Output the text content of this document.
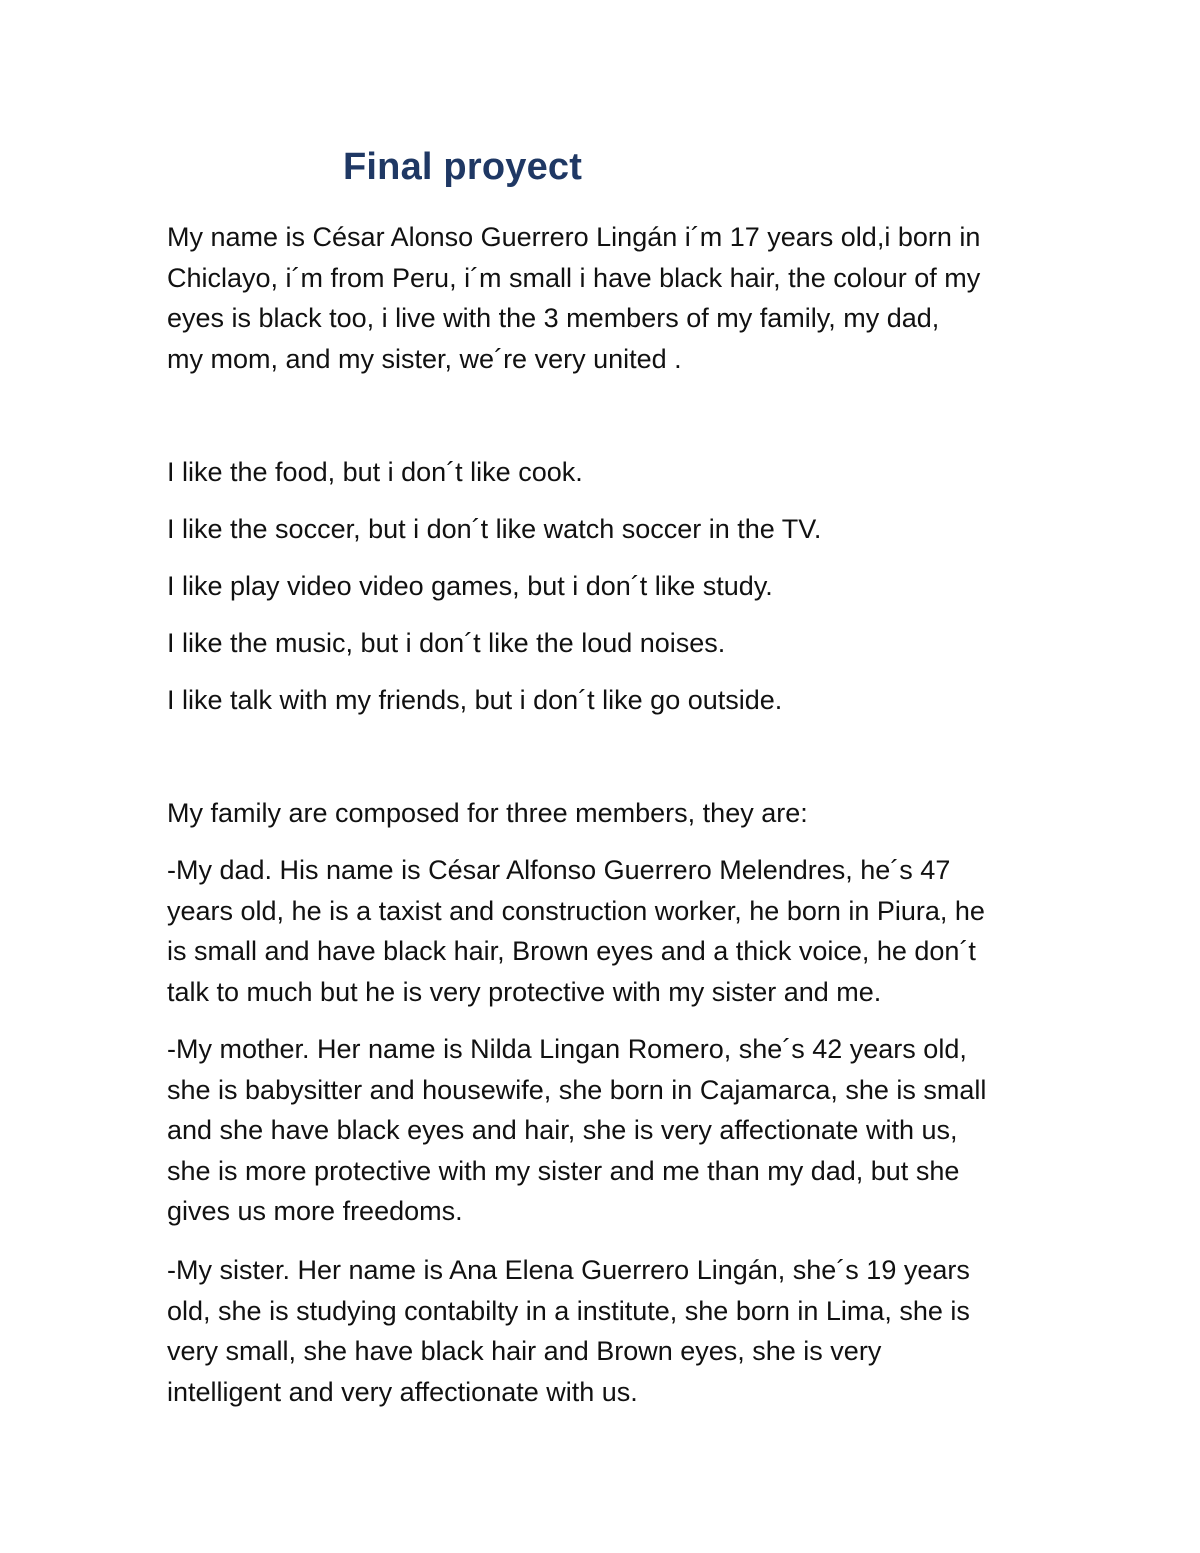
Final proyect

My name is César Alonso Guerrero Lingán i´m 17 years old,i born in
Chiclayo, i´m from Peru, i´m small i have black hair, the colour of my
eyes is black too, i live with the 3 members of my family, my dad,
my mom, and my sister, we´re very united .

I like the food, but i don´t like cook.

I like the soccer, but i don´t like watch soccer in the TV.

I like play video video games, but i don´t like study.

I like the music, but i don´t like the loud noises.

I like talk with my friends, but i don´t like go outside.

My family are composed for three members, they are:

-My dad. His name is César Alfonso Guerrero Melendres, he´s 47
years old, he is a taxist and construction worker, he born in Piura, he
is small and have black hair, Brown eyes and a thick voice, he don´t
talk to much but he is very protective with my sister and me.

-My mother. Her name is Nilda Lingan Romero, she´s 42 years old,
she is babysitter and housewife, she born in Cajamarca, she is small
and she have black eyes and hair, she is very affectionate with us,
she is more protective with my sister and me than my dad, but she
gives us more freedoms.

-My sister. Her name is Ana Elena Guerrero Lingán, she´s 19 years
old, she is studying contabilty in a institute, she born in Lima, she is
very small, she have black hair and Brown eyes, she is very
intelligent and very affectionate with us.
